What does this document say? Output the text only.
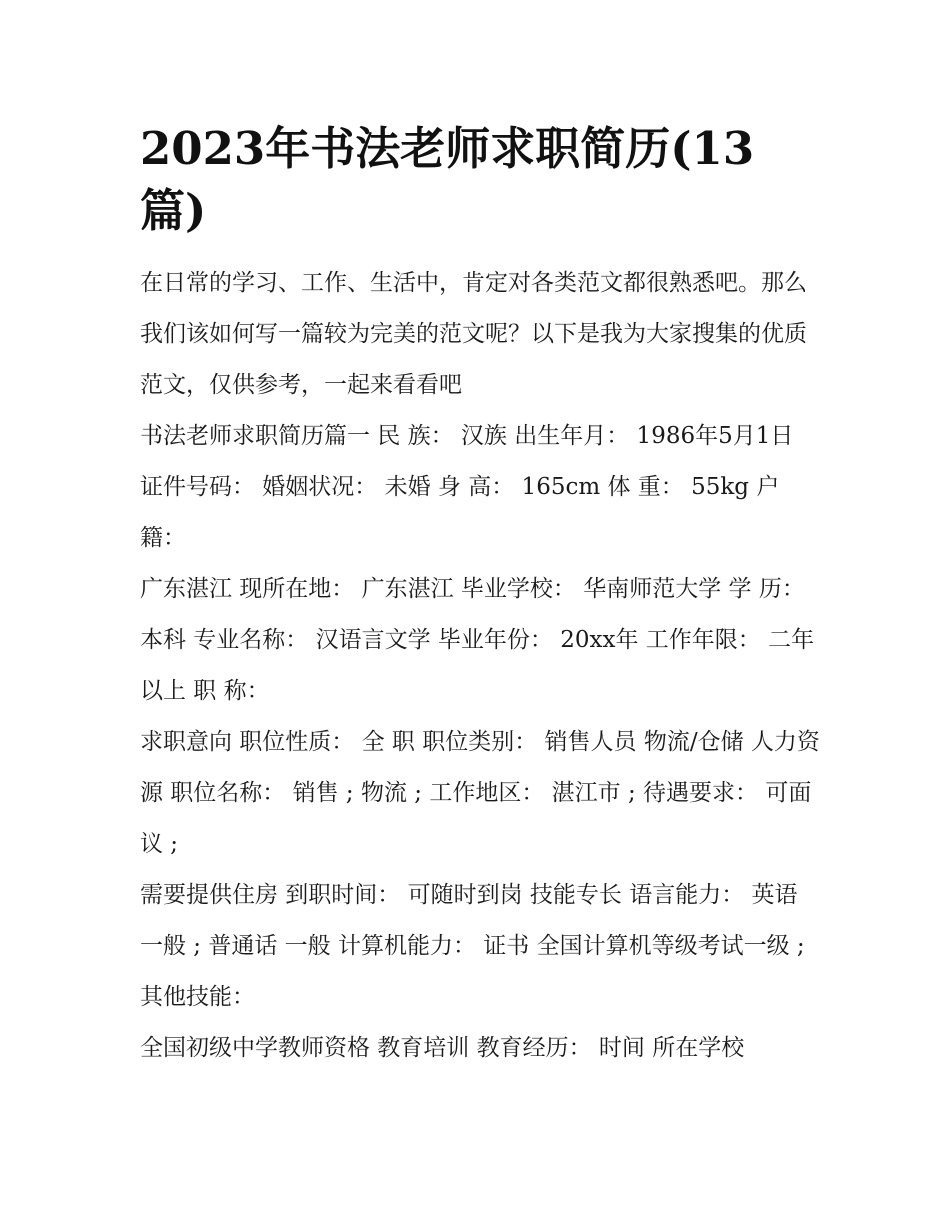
2023年书法老师求职简历(13篇)

在日常的学习、工作、生活中，肯定对各类范文都很熟悉吧。那么我们该如何写一篇较为完美的范文呢？以下是我为大家搜集的优质范文，仅供参考，一起来看看吧

书法老师求职简历篇一 民 族： 汉族 出生年月： 1986年5月1日 证件号码： 婚姻状况： 未婚 身 高： 165cm 体 重： 55kg 户 籍：

广东湛江 现所在地： 广东湛江 毕业学校： 华南师范大学 学 历： 本科 专业名称： 汉语言文学 毕业年份： 20xx年 工作年限： 二年以上 职 称：

求职意向 职位性质： 全 职 职位类别： 销售人员 物流/仓储 人力资源 职位名称： 销售 ; 物流 ; 工作地区： 湛江市 ; 待遇要求： 可面议 ;

需要提供住房 到职时间： 可随时到岗 技能专长 语言能力： 英语 一般 ; 普通话 一般 计算机能力： 证书 全国计算机等级考试一级 ; 其他技能：

全国初级中学教师资格 教育培训 教育经历： 时间 所在学校
